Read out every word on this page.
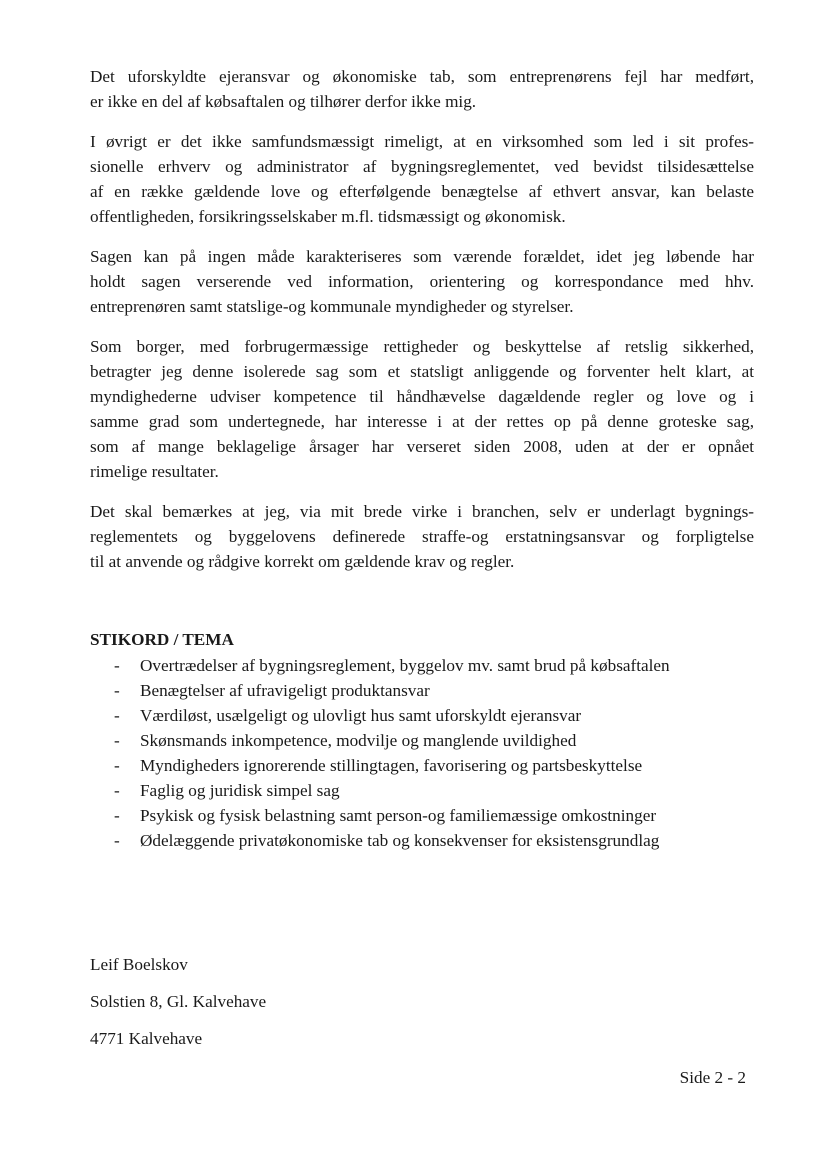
Det uforskyldte ejeransvar og økonomiske tab, som entreprenørens fejl har medført,
er ikke en del af købsaftalen og tilhører derfor ikke mig.
I øvrigt er det ikke samfundsmæssigt rimeligt, at en virksomhed som led i sit profes-
sionelle erhverv og administrator af bygningsreglementet, ved bevidst tilsidesættelse
af en række gældende love og efterfølgende benægtelse af ethvert ansvar, kan belaste
offentligheden, forsikringsselskaber m.fl. tidsmæssigt og økonomisk.
Sagen kan på ingen måde karakteriseres som værende forældet, idet jeg løbende har
holdt sagen verserende ved information, orientering og korrespondance med hhv.
entreprenøren samt statslige-og kommunale myndigheder og styrelser.
Som borger, med forbrugermæssige rettigheder og beskyttelse af retslig sikkerhed,
betragter jeg denne isolerede sag som et statsligt anliggende og forventer helt klart, at
myndighederne udviser kompetence til håndhævelse dagældende regler og love og i
samme grad som undertegnede, har interesse i at der rettes op på denne groteske sag,
som af mange beklagelige årsager har verseret siden 2008, uden at der er opnået
rimelige resultater.
Det skal bemærkes at jeg, via mit brede virke i branchen, selv er underlagt bygnings-
reglementets og byggelovens definerede straffe-og erstatningsansvar og forpligtelse
til at anvende og rådgive korrekt om gældende krav og regler.

STIKORD / TEMA

- Overtrædelser af bygningsreglement, byggelov mv. samt brud på købsaftalen
- Benægtelser af ufravigeligt produktansvar
- Værdiløst, usælgeligt og ulovligt hus samt uforskyldt ejeransvar
- Skønsmands inkompetence, modvilje og manglende uvildighed
- Myndigheders ignorerende stillingtagen, favorisering og partsbeskyttelse
- Faglig og juridisk simpel sag
- Psykisk og fysisk belastning samt person-og familiemæssige omkostninger
- Ødelæggende privatøkonomiske tab og konsekvenser for eksistensgrundlag

Leif Boelskov

Solstien 8, Gl. Kalvehave

4771 Kalvehave

Side 2 - 2
